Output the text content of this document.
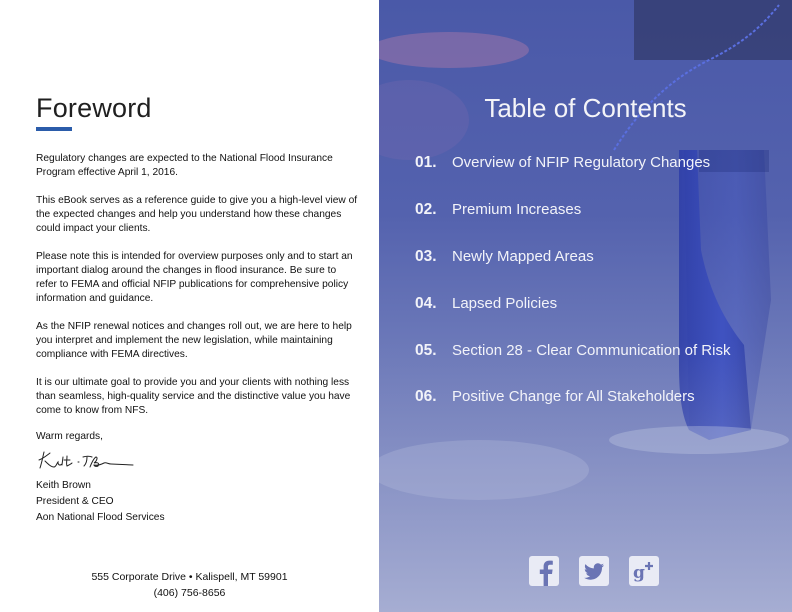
Foreword

Regulatory changes are expected to the National Flood Insurance Program effective April 1, 2016.

This eBook serves as a reference guide to give you a high-level view of the expected changes and help you understand how these changes could impact your clients.

Please note this is intended for overview purposes only and to start an important dialog around the changes in flood insurance. Be sure to refer to FEMA and official NFIP publications for comprehensive policy information and guidance.

As the NFIP renewal notices and changes roll out, we are here to help you interpret and implement the new legislation, while maintaining compliance with FEMA directives.

It is our ultimate goal to provide you and your clients with nothing less than seamless, high-quality service and the distinctive value you have come to know from NFS.

Warm regards,
Keith Brown
President & CEO
Aon National Flood Services
555 Corporate Drive • Kalispell, MT 59901
(406) 756-8656
Table of Contents
01.	Overview of NFIP Regulatory Changes
02.	Premium Increases
03.	Newly Mapped Areas
04.	Lapsed Policies
05.	Section 28 - Clear Communication of Risk
06.	Positive Change for All Stakeholders
g
